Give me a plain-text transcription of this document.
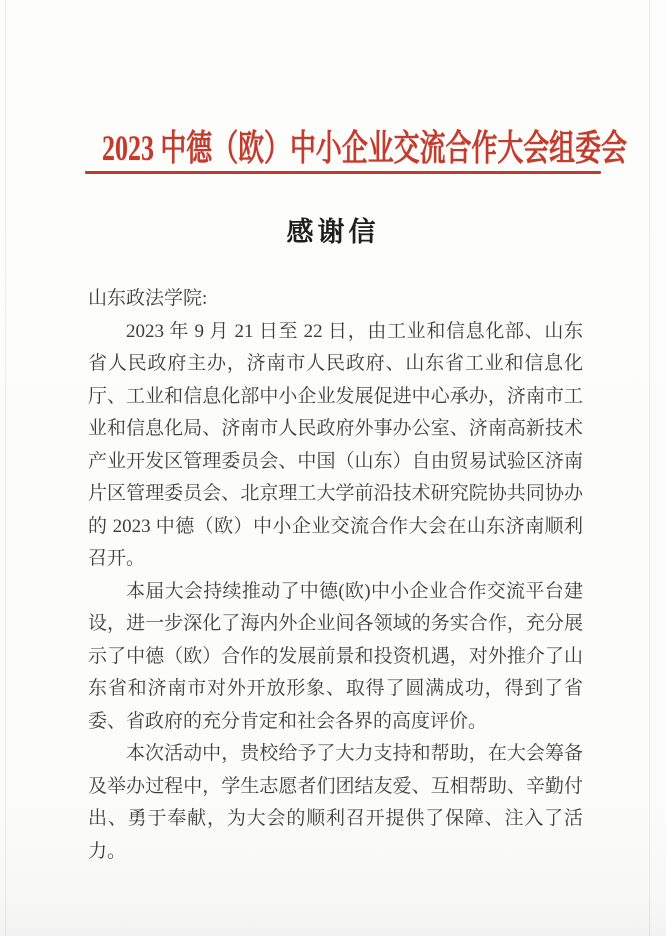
2023 中德（欧）中小企业交流合作大会组委会
感谢信

山东政法学院:

2023 年 9 月 21 日至 22 日，由工业和信息化部、山东省人民政府主办，济南市人民政府、山东省工业和信息化厅、工业和信息化部中小企业发展促进中心承办，济南市工业和信息化局、济南市人民政府外事办公室、济南高新技术产业开发区管理委员会、中国（山东）自由贸易试验区济南片区管理委员会、北京理工大学前沿技术研究院协共同协办的 2023 中德（欧）中小企业交流合作大会在山东济南顺利召开。

本届大会持续推动了中德(欧)中小企业合作交流平台建设，进一步深化了海内外企业间各领域的务实合作，充分展示了中德（欧）合作的发展前景和投资机遇，对外推介了山东省和济南市对外开放形象、取得了圆满成功，得到了省委、省政府的充分肯定和社会各界的高度评价。

本次活动中，贵校给予了大力支持和帮助，在大会筹备及举办过程中，学生志愿者们团结友爱、互相帮助、辛勤付出、勇于奉献，为大会的顺利召开提供了保障、注入了活力。
